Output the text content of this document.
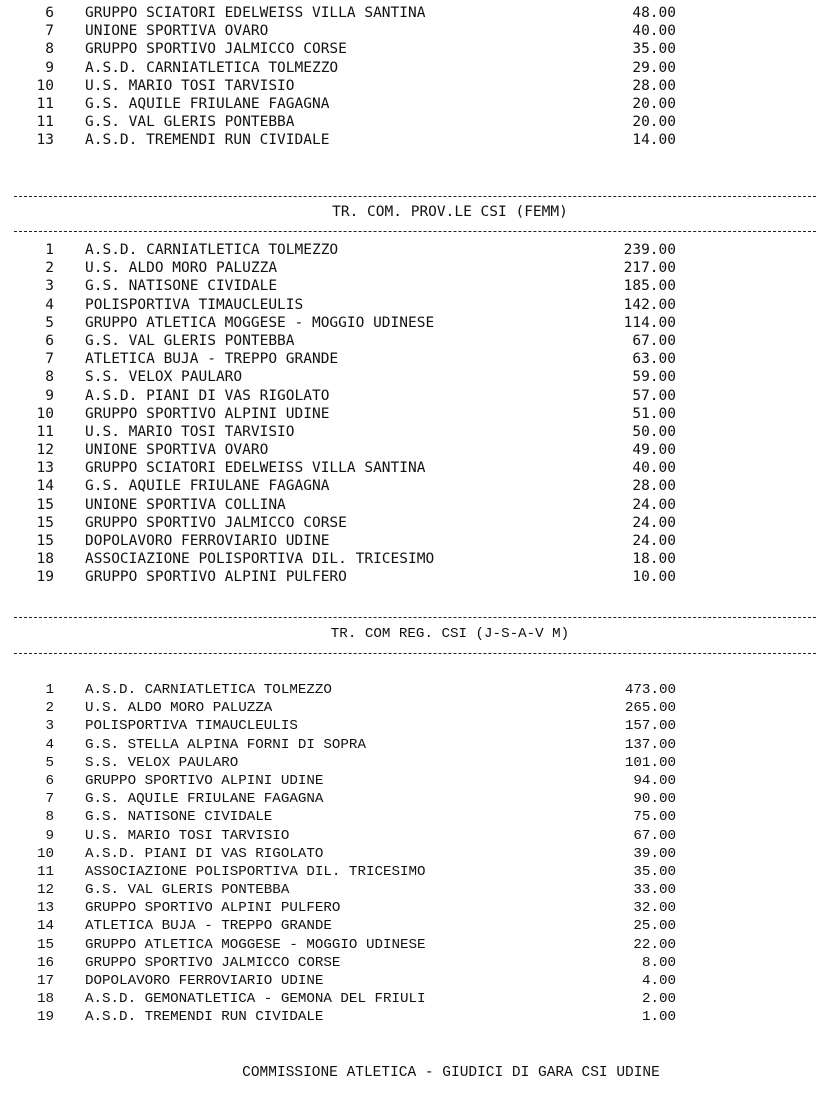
6 GRUPPO SCIATORI EDELWEISS VILLA SANTINA	48.00
7 UNIONE SPORTIVA OVARO	40.00
8 GRUPPO SPORTIVO JALMICCO CORSE	35.00
9 A.S.D. CARNIATLETICA TOLMEZZO	29.00
10 U.S. MARIO TOSI TARVISIO	28.00
11 G.S. AQUILE FRIULANE FAGAGNA	20.00
11 G.S. VAL GLERIS PONTEBBA	20.00
13 A.S.D. TREMENDI RUN CIVIDALE	14.00
TR. COM. PROV.LE CSI (FEMM)
1 A.S.D. CARNIATLETICA TOLMEZZO	239.00
2 U.S. ALDO MORO PALUZZA	217.00
3 G.S. NATISONE CIVIDALE	185.00
4 POLISPORTIVA TIMAUCLEULIS	142.00
5 GRUPPO ATLETICA MOGGESE - MOGGIO UDINESE	114.00
6 G.S. VAL GLERIS PONTEBBA	67.00
7 ATLETICA BUJA - TREPPO GRANDE	63.00
8 S.S. VELOX PAULARO	59.00
9 A.S.D. PIANI DI VAS RIGOLATO	57.00
10 GRUPPO SPORTIVO ALPINI UDINE	51.00
11 U.S. MARIO TOSI TARVISIO	50.00
12 UNIONE SPORTIVA OVARO	49.00
13 GRUPPO SCIATORI EDELWEISS VILLA SANTINA	40.00
14 G.S. AQUILE FRIULANE FAGAGNA	28.00
15 UNIONE SPORTIVA COLLINA	24.00
15 GRUPPO SPORTIVO JALMICCO CORSE	24.00
15 DOPOLAVORO FERROVIARIO UDINE	24.00
18 ASSOCIAZIONE POLISPORTIVA DIL. TRICESIMO	18.00
19 GRUPPO SPORTIVO ALPINI PULFERO	10.00
TR. COM REG. CSI (J-S-A-V M)
1 A.S.D. CARNIATLETICA TOLMEZZO	473.00
2 U.S. ALDO MORO PALUZZA	265.00
3 POLISPORTIVA TIMAUCLEULIS	157.00
4 G.S. STELLA ALPINA FORNI DI SOPRA	137.00
5 S.S. VELOX PAULARO	101.00
6 GRUPPO SPORTIVO ALPINI UDINE	94.00
7 G.S. AQUILE FRIULANE FAGAGNA	90.00
8 G.S. NATISONE CIVIDALE	75.00
9 U.S. MARIO TOSI TARVISIO	67.00
10 A.S.D. PIANI DI VAS RIGOLATO	39.00
11 ASSOCIAZIONE POLISPORTIVA DIL. TRICESIMO	35.00
12 G.S. VAL GLERIS PONTEBBA	33.00
13 GRUPPO SPORTIVO ALPINI PULFERO	32.00
14 ATLETICA BUJA - TREPPO GRANDE	25.00
15 GRUPPO ATLETICA MOGGESE - MOGGIO UDINESE	22.00
16 GRUPPO SPORTIVO JALMICCO CORSE	8.00
17 DOPOLAVORO FERROVIARIO UDINE	4.00
18 A.S.D. GEMONATLETICA - GEMONA DEL FRIULI	2.00
19 A.S.D. TREMENDI RUN CIVIDALE	1.00
COMMISSIONE ATLETICA - GIUDICI DI GARA CSI UDINE
